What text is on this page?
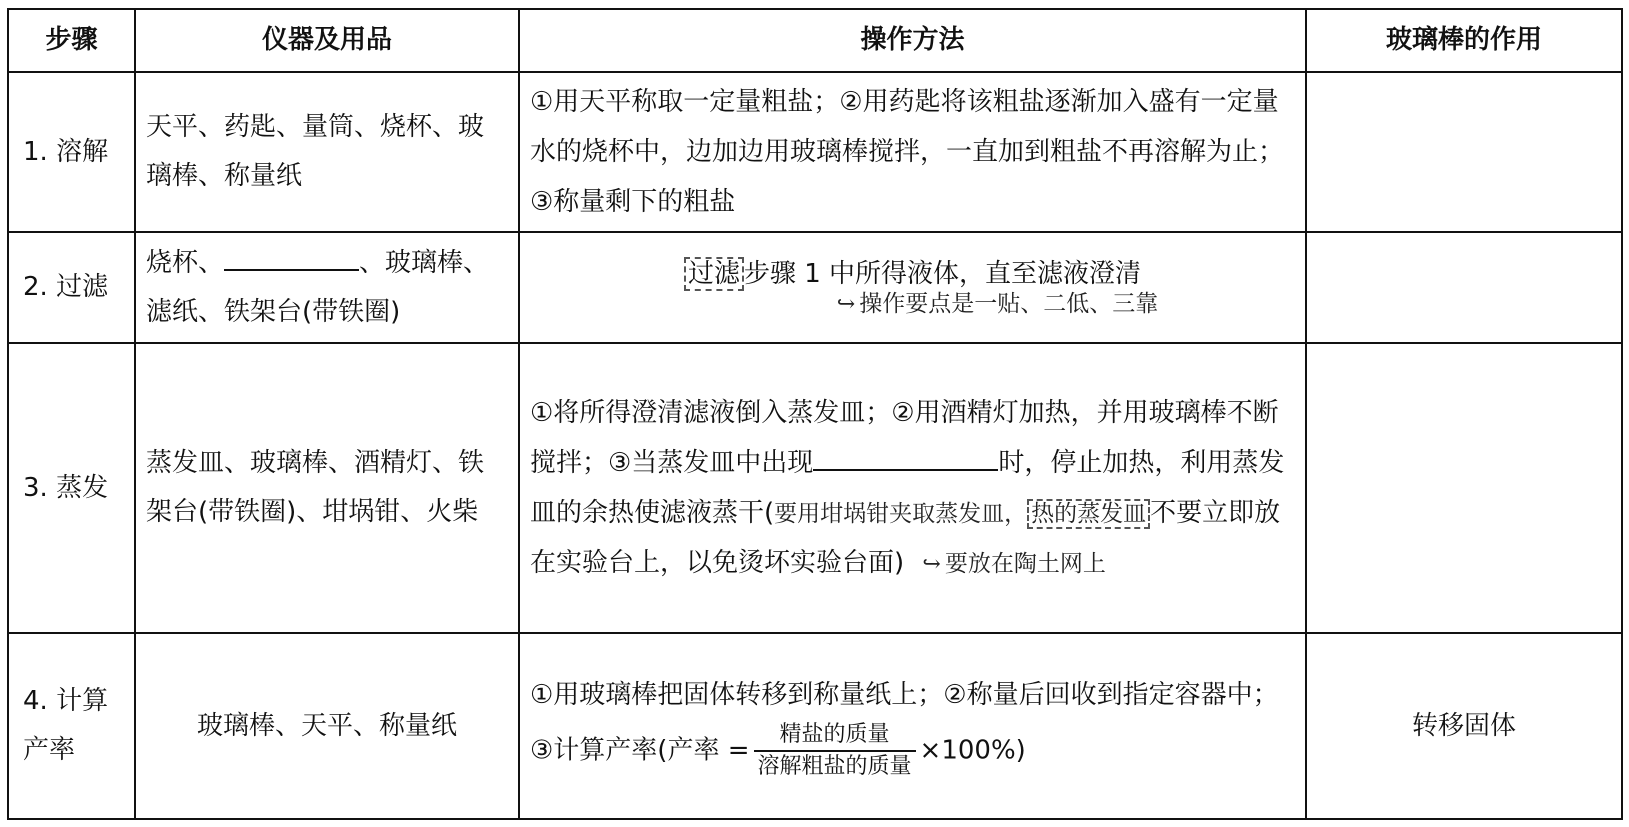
步骤	仪器及用品	操作方法	玻璃棒的作用
1. 溶解	天平、药匙、量筒、烧杯、玻璃棒、称量纸	①用天平称取一定量粗盐；②用药匙将该粗盐逐渐加入盛有一定量水的烧杯中，边加边用玻璃棒搅拌，一直加到粗盐不再溶解为止；③称量剩下的粗盐	
2. 过滤	烧杯、 、玻璃棒、滤纸、铁架台(带铁圈)	过滤 步骤 1 中所得液体，直至滤液澄清
↪ 操作要点是一贴、二低、三靠	

3. 蒸发	蒸发皿、玻璃棒、酒精灯、铁架台(带铁圈)、坩埚钳、火柴	①将所得澄清滤液倒入蒸发皿；②用酒精灯加热，并用玻璃棒不断搅拌；③当蒸发皿中出现 时，停止加热，利用蒸发皿的余热使滤液蒸干(要用坩埚钳夹取蒸发皿， 热的蒸发皿 不要立即放在实验台上，以免烫坏实验台面) ↪ 要放在陶土网上	
4. 计算产率	玻璃棒、天平、称量纸	①用玻璃棒把固体转移到称量纸上；②称量后回收到指定容器中；③计算产率(产率 = $\frac{\text{精盐的质量}}{\text{溶解粗盐的质量}} \times 100\%$)	转移固体
